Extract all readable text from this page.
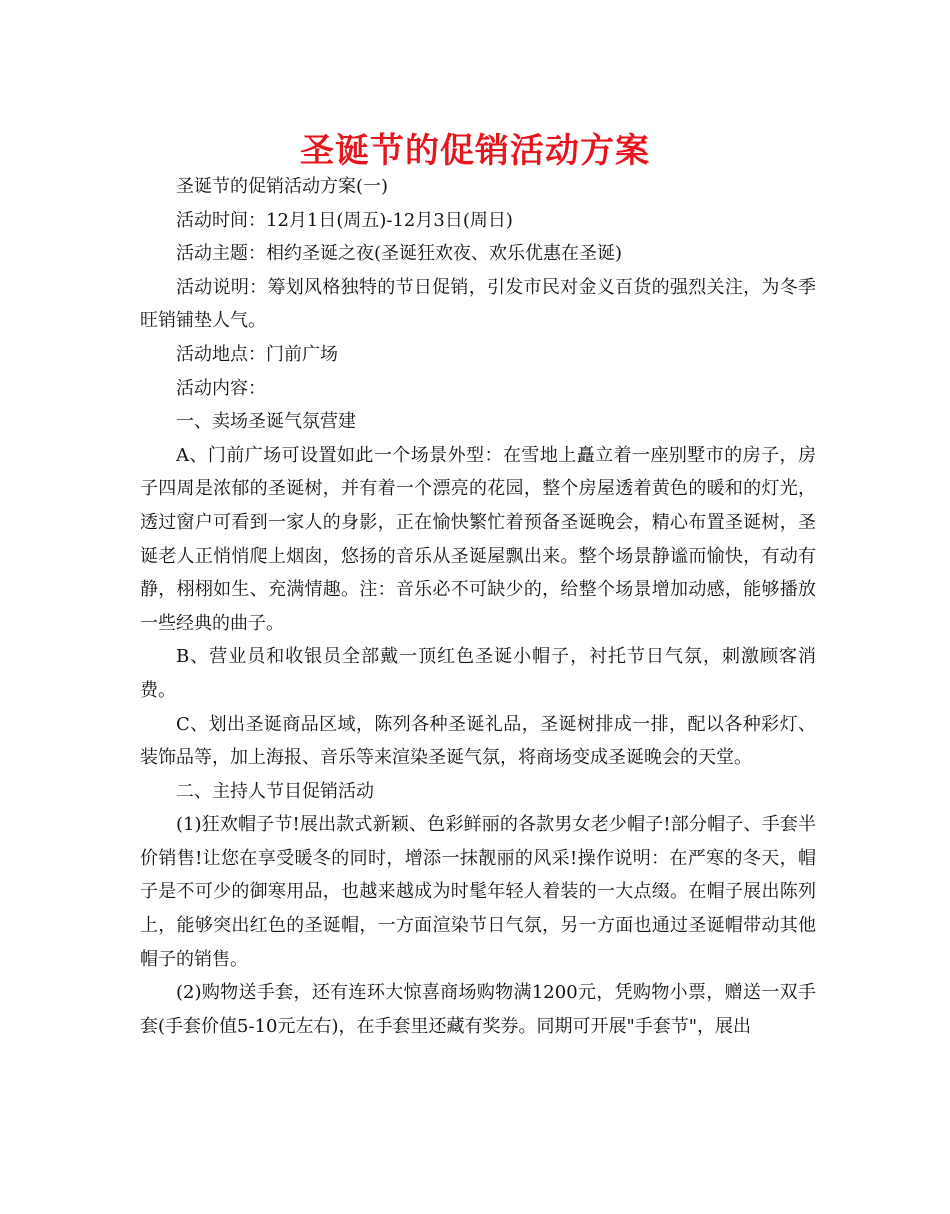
圣诞节的促销活动方案

圣诞节的促销活动方案(一)

活动时间：12月1日(周五)-12月3日(周日)

活动主题：相约圣诞之夜(圣诞狂欢夜、欢乐优惠在圣诞)

活动说明：筹划风格独特的节日促销，引发市民对金义百货的强烈关注，为冬季旺销铺垫人气。

活动地点：门前广场

活动内容：

一、卖场圣诞气氛营建

A、门前广场可设置如此一个场景外型：在雪地上矗立着一座别墅市的房子，房子四周是浓郁的圣诞树，并有着一个漂亮的花园，整个房屋透着黄色的暖和的灯光，透过窗户可看到一家人的身影，正在愉快繁忙着预备圣诞晚会，精心布置圣诞树，圣诞老人正悄悄爬上烟囱，悠扬的音乐从圣诞屋飘出来。整个场景静谧而愉快，有动有静，栩栩如生、充满情趣。注：音乐必不可缺少的，给整个场景增加动感，能够播放一些经典的曲子。

B、营业员和收银员全部戴一顶红色圣诞小帽子，衬托节日气氛，刺激顾客消费。

C、划出圣诞商品区域，陈列各种圣诞礼品，圣诞树排成一排，配以各种彩灯、装饰品等，加上海报、音乐等来渲染圣诞气氛，将商场变成圣诞晚会的天堂。

二、主持人节目促销活动

(1)狂欢帽子节!展出款式新颖、色彩鲜丽的各款男女老少帽子!部分帽子、手套半价销售!让您在享受暖冬的同时，增添一抹靓丽的风采!操作说明：在严寒的冬天，帽子是不可少的御寒用品，也越来越成为时髦年轻人着装的一大点缀。在帽子展出陈列上，能够突出红色的圣诞帽，一方面渲染节日气氛，另一方面也通过圣诞帽带动其他帽子的销售。

(2)购物送手套，还有连环大惊喜商场购物满1200元，凭购物小票，赠送一双手套(手套价值5-10元左右)，在手套里还藏有奖券。同期可开展"手套节"，展出
